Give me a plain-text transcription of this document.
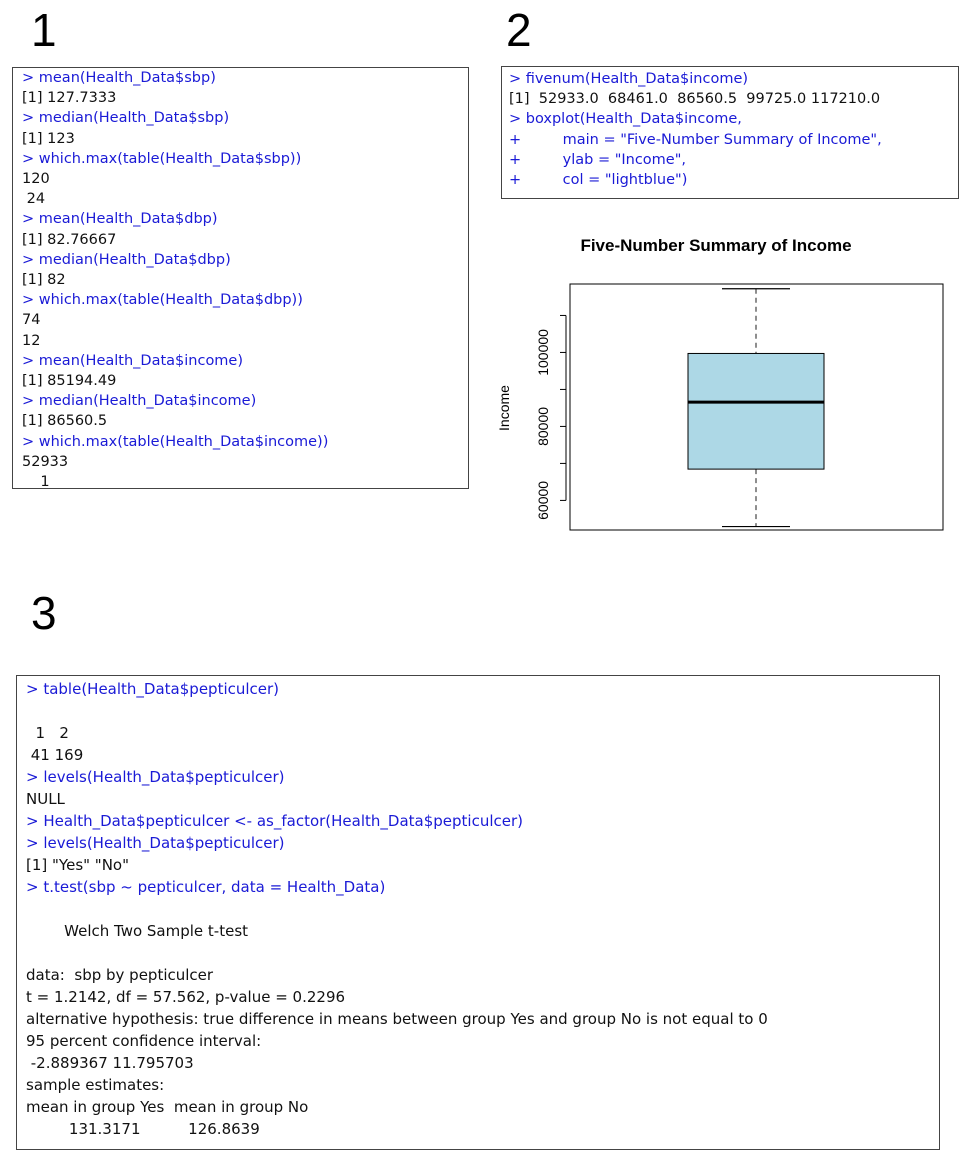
1	2
3
> mean(Health_Data$sbp)
[1] 127.7333
> median(Health_Data$sbp)
[1] 123
> which.max(table(Health_Data$sbp))
120
24
> mean(Health_Data$dbp)
[1] 82.76667
> median(Health_Data$dbp)
[1] 82
> which.max(table(Health_Data$dbp))
74
12
> mean(Health_Data$income)
[1] 85194.49
> median(Health_Data$income)
[1] 86560.5
> which.max(table(Health_Data$income))
52933
1
> fivenum(Health_Data$income)
[1]  52933.0  68461.0  86560.5  99725.0 117210.0
> boxplot(Health_Data$income,
+         main = "Five-Number Summary of Income",
+         ylab = "Income",
+         col = "lightblue")
Five-Number Summary of Income
60000
80000
100000
Income
> table(Health_Data$pepticulcer)

1   2
41 169
> levels(Health_Data$pepticulcer)
NULL
> Health_Data$pepticulcer <- as_factor(Health_Data$pepticulcer)
> levels(Health_Data$pepticulcer)
[1] "Yes" "No"
> t.test(sbp ~ pepticulcer, data = Health_Data)

Welch Two Sample t-test

data:  sbp by pepticulcer
t = 1.2142, df = 57.562, p-value = 0.2296
alternative hypothesis: true difference in means between group Yes and group No is not equal to 0
95 percent confidence interval:
-2.889367 11.795703
sample estimates:
mean in group Yes  mean in group No
131.3171          126.8639
